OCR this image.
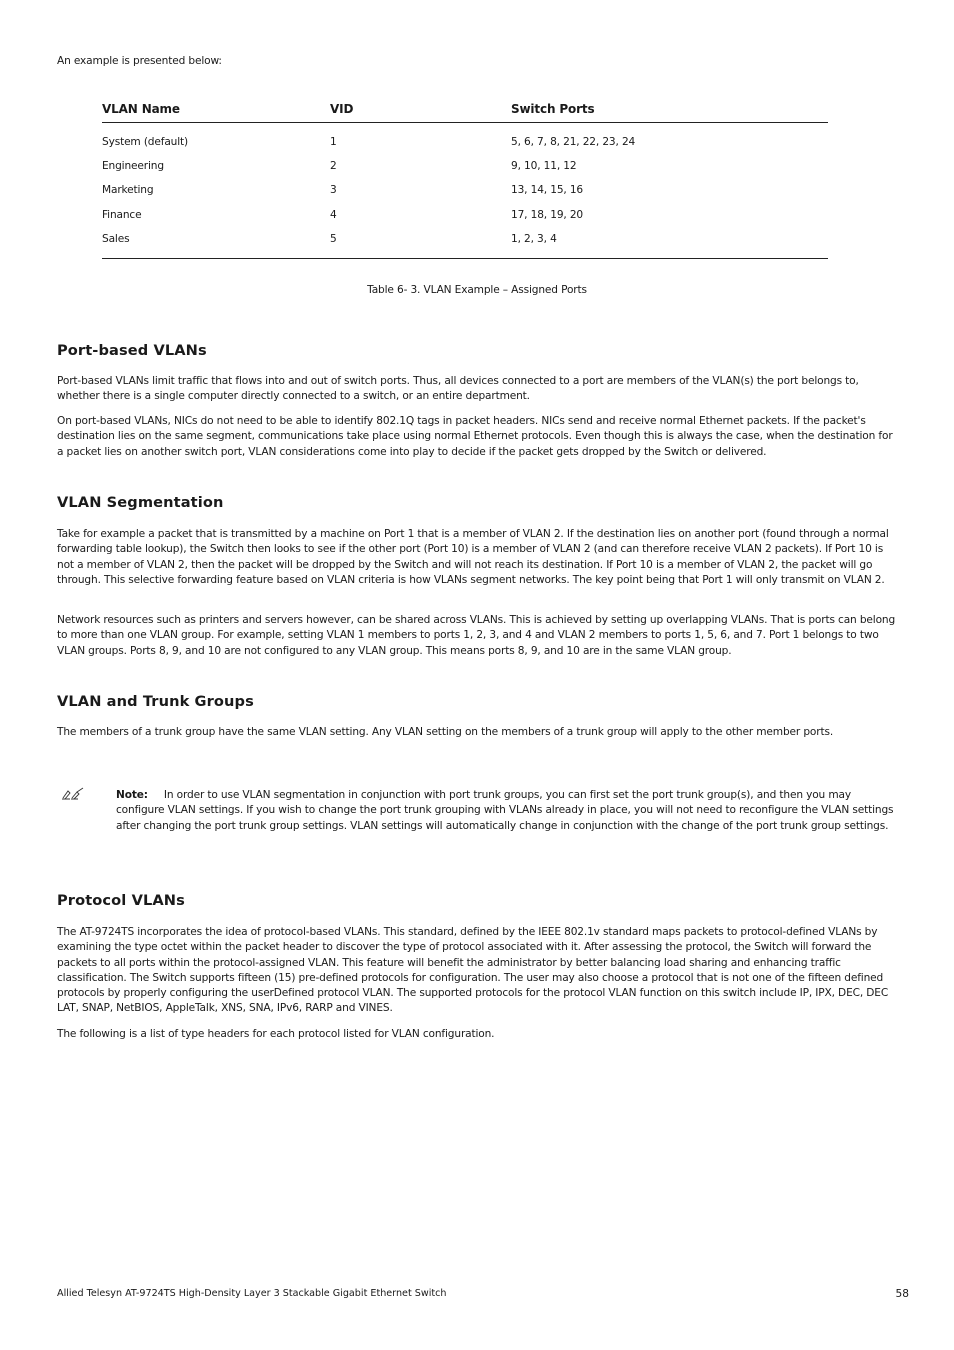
An example is presented below:
VLAN Name	VID	Switch Ports
System (default)	1	5, 6, 7, 8, 21, 22, 23, 24
Engineering	2	9, 10, 11, 12
Marketing	3	13, 14, 15, 16
Finance	4	17, 18, 19, 20
Sales	5	1, 2, 3, 4
Table 6- 3. VLAN Example – Assigned Ports
Port-based VLANs

Port-based VLANs limit traffic that flows into and out of switch ports. Thus, all devices connected to a port are members of the VLAN(s) the port belongs to, whether there is a single computer directly connected to a switch, or an entire department.

On port-based VLANs, NICs do not need to be able to identify 802.1Q tags in packet headers. NICs send and receive normal Ethernet packets. If the packet's destination lies on the same segment, communications take place using normal Ethernet protocols. Even though this is always the case, when the destination for a packet lies on another switch port, VLAN considerations come into play to decide if the packet gets dropped by the Switch or delivered.

VLAN Segmentation

Take for example a packet that is transmitted by a machine on Port 1 that is a member of VLAN 2. If the destination lies on another port (found through a normal forwarding table lookup), the Switch then looks to see if the other port (Port 10) is a member of VLAN 2 (and can therefore receive VLAN 2 packets). If Port 10 is not a member of VLAN 2, then the packet will be dropped by the Switch and will not reach its destination. If Port 10 is a member of VLAN 2, the packet will go through. This selective forwarding feature based on VLAN criteria is how VLANs segment networks. The key point being that Port 1 will only transmit on VLAN 2.

Network resources such as printers and servers however, can be shared across VLANs. This is achieved by setting up overlapping VLANs. That is ports can belong to more than one VLAN group. For example, setting VLAN 1 members to ports 1, 2, 3, and 4 and VLAN 2 members to ports 1, 5, 6, and 7. Port 1 belongs to two VLAN groups. Ports 8, 9, and 10 are not configured to any VLAN group. This means ports 8, 9, and 10 are in the same VLAN group.

VLAN and Trunk Groups

The members of a trunk group have the same VLAN setting. Any VLAN setting on the members of a trunk group will apply to the other member ports.

Note: In order to use VLAN segmentation in conjunction with port trunk groups, you can first set the port trunk group(s), and then you may configure VLAN settings. If you wish to change the port trunk grouping with VLANs already in place, you will not need to reconfigure the VLAN settings after changing the port trunk group settings. VLAN settings will automatically change in conjunction with the change of the port trunk group settings.

Protocol VLANs

The AT-9724TS incorporates the idea of protocol-based VLANs. This standard, defined by the IEEE 802.1v standard maps packets to protocol-defined VLANs by examining the type octet within the packet header to discover the type of protocol associated with it. After assessing the protocol, the Switch will forward the packets to all ports within the protocol-assigned VLAN. This feature will benefit the administrator by better balancing load sharing and enhancing traffic classification. The Switch supports fifteen (15) pre-defined protocols for configuration. The user may also choose a protocol that is not one of the fifteen defined protocols by properly configuring the userDefined protocol VLAN. The supported protocols for the protocol VLAN function on this switch include IP, IPX, DEC, DEC LAT, SNAP, NetBIOS, AppleTalk, XNS, SNA, IPv6, RARP and VINES.

The following is a list of type headers for each protocol listed for VLAN configuration.

Allied Telesyn AT-9724TS High-Density Layer 3 Stackable Gigabit Ethernet Switch	58
